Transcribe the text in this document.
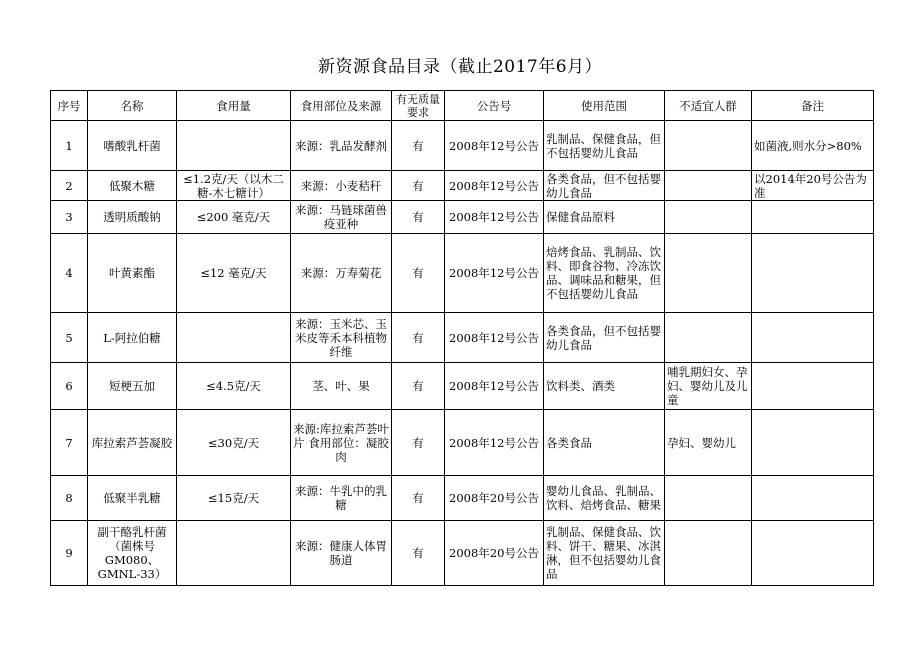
新资源食品目录（截止2017年6月）
序号	名称	食用量	食用部位及来源	有无质量要求	公告号	使用范围	不适宜人群	备注
1	嗜酸乳杆菌		来源：乳品发酵剂	有	2008年12号公告	乳制品、保健食品，但不包括婴幼儿食品		如菌液,则水分>80%
2	低聚木糖	≤1.2克/天（以木二糖-木七糖计）	来源：小麦秸秆	有	2008年12号公告	各类食品，但不包括婴幼儿食品		以2014年20号公告为准
3	透明质酸钠	≤200 毫克/天	来源：马链球菌兽疫亚种	有	2008年12号公告	保健食品原料		
4	叶黄素酯	≤12 毫克/天	来源：万寿菊花	有	2008年12号公告	焙烤食品、乳制品、饮料、即食谷物、冷冻饮品、调味品和糖果，但不包括婴幼儿食品		
5	L-阿拉伯糖		来源：玉米芯、玉米皮等禾本科植物纤维	有	2008年12号公告	各类食品，但不包括婴幼儿食品		
6	短梗五加	≤4.5克/天	茎、叶、果	有	2008年12号公告	饮料类、酒类	哺乳期妇女、孕妇、婴幼儿及儿童	
7	库拉索芦荟凝胶	≤30克/天	来源:库拉索芦荟叶片 食用部位：凝胶肉	有	2008年12号公告	各类食品	孕妇、婴幼儿	
8	低聚半乳糖	≤15克/天	来源：牛乳中的乳糖	有	2008年20号公告	婴幼儿食品、乳制品、饮料、焙烤食品、糖果		
9	副干酪乳杆菌（菌株号GM080、GMNL-33）		来源：健康人体胃肠道	有	2008年20号公告	乳制品、保健食品、饮料、饼干、糖果、冰淇淋，但不包括婴幼儿食品		
